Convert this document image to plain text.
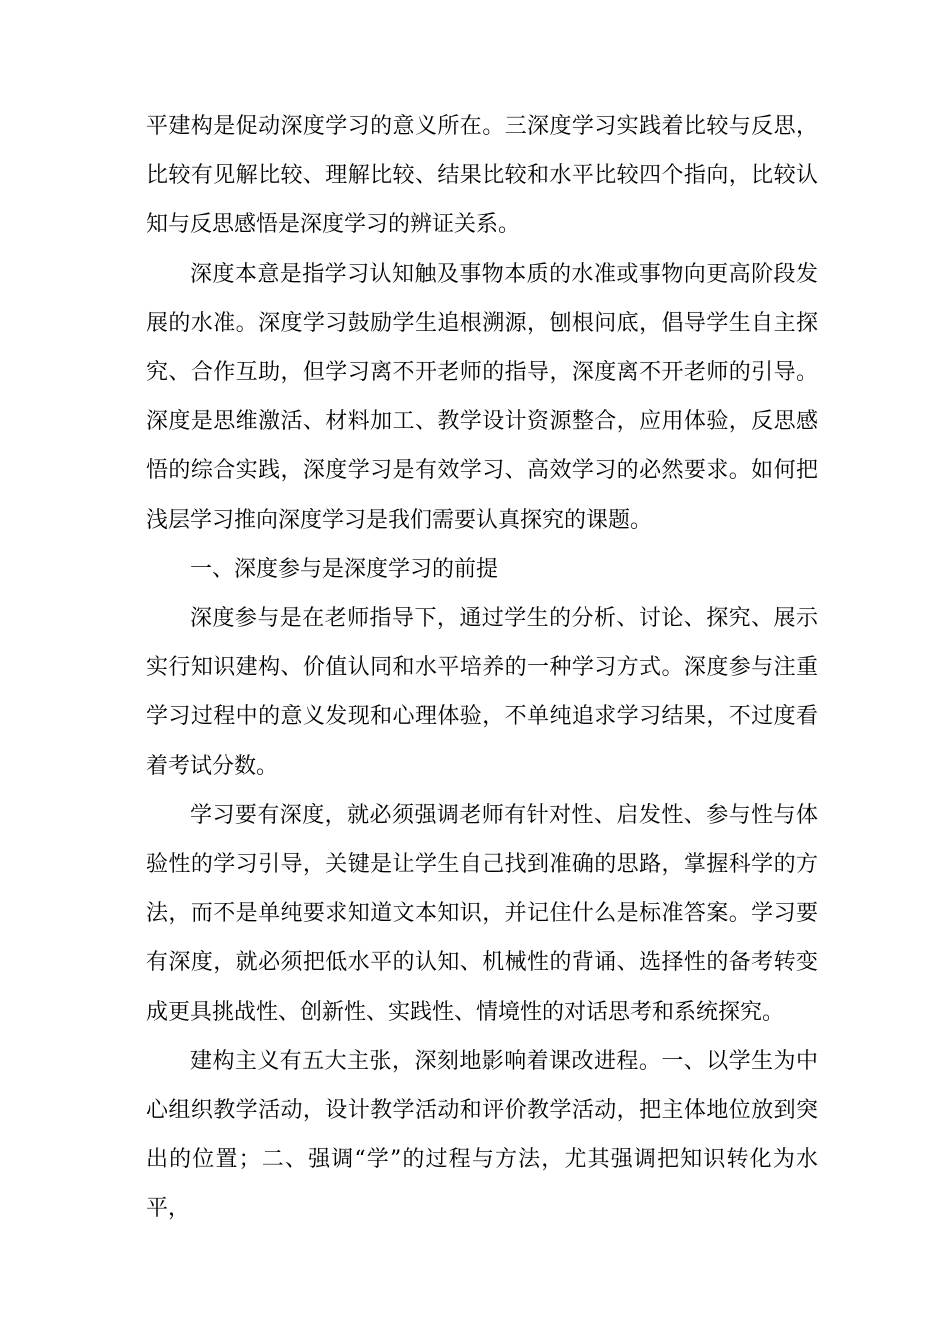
平建构是促动深度学习的意义所在。三深度学习实践着比较与反思，比较有见解比较、理解比较、结果比较和水平比较四个指向，比较认知与反思感悟是深度学习的辨证关系。

深度本意是指学习认知触及事物本质的水准或事物向更高阶段发展的水准。深度学习鼓励学生追根溯源，刨根问底，倡导学生自主探究、合作互助，但学习离不开老师的指导，深度离不开老师的引导。深度是思维激活、材料加工、教学设计资源整合，应用体验，反思感悟的综合实践，深度学习是有效学习、高效学习的必然要求。如何把浅层学习推向深度学习是我们需要认真探究的课题。

一、深度参与是深度学习的前提

深度参与是在老师指导下，通过学生的分析、讨论、探究、展示实行知识建构、价值认同和水平培养的一种学习方式。深度参与注重学习过程中的意义发现和心理体验，不单纯追求学习结果，不过度看着考试分数。

学习要有深度，就必须强调老师有针对性、启发性、参与性与体验性的学习引导，关键是让学生自己找到准确的思路，掌握科学的方法，而不是单纯要求知道文本知识，并记住什么是标准答案。学习要有深度，就必须把低水平的认知、机械性的背诵、选择性的备考转变成更具挑战性、创新性、实践性、情境性的对话思考和系统探究。

建构主义有五大主张，深刻地影响着课改进程。一、以学生为中心组织教学活动，设计教学活动和评价教学活动，把主体地位放到突出的位置；二、强调“学”的过程与方法，尤其强调把知识转化为水平，
